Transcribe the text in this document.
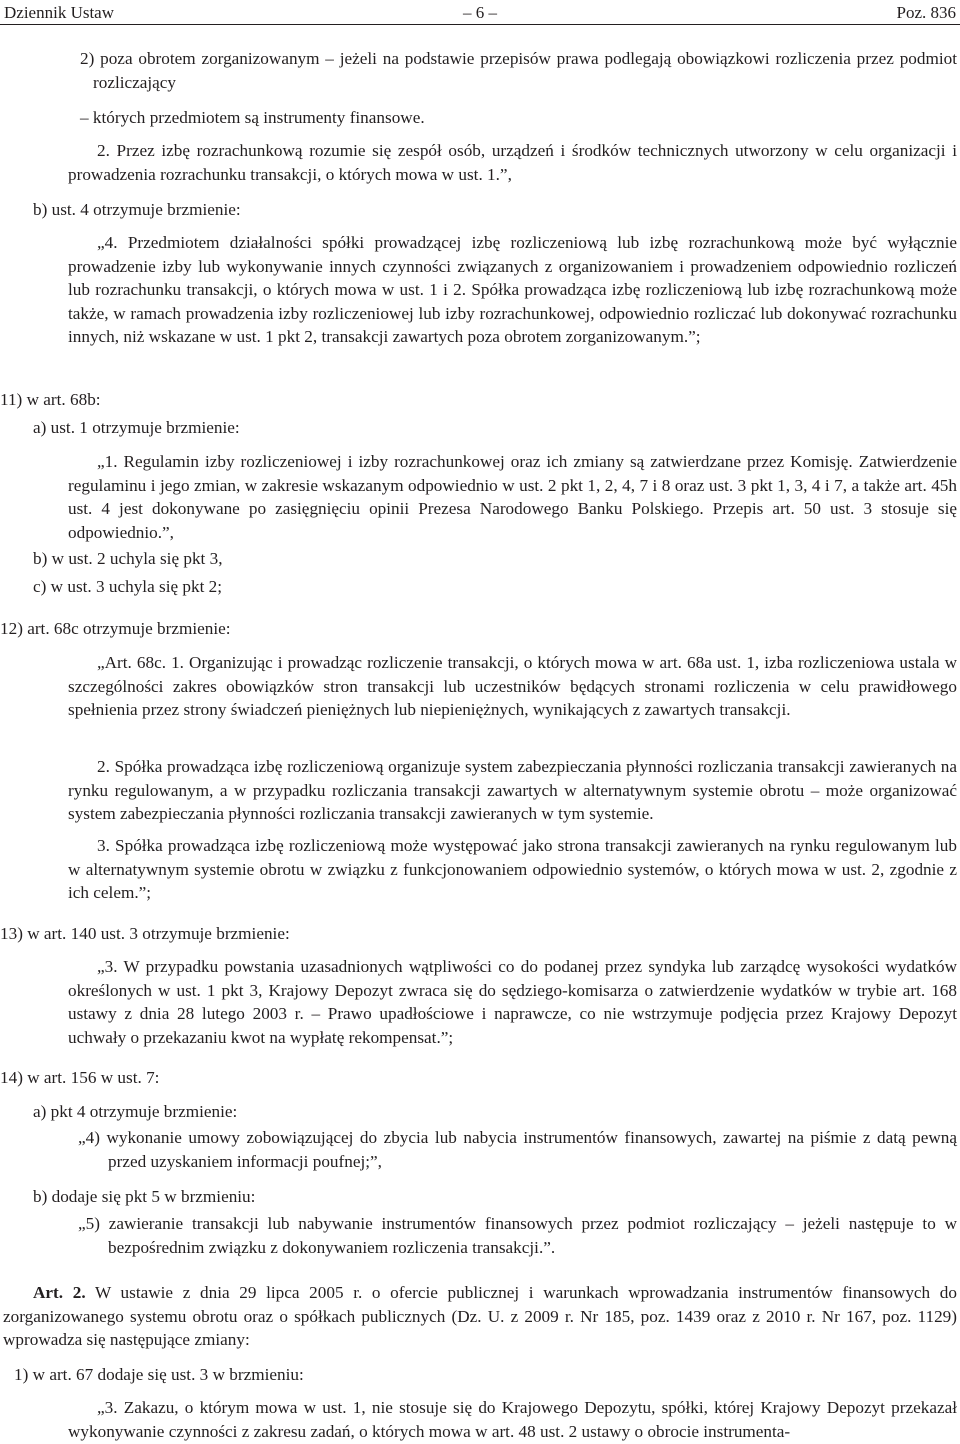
Dziennik Ustaw	– 6 –	Poz. 836

2) poza obrotem zorganizowanym – jeżeli na podstawie przepisów prawa podlegają obowiązkowi rozliczenia przez podmiot rozliczający

– których przedmiotem są instrumenty finansowe.

2. Przez izbę rozrachunkową rozumie się zespół osób, urządzeń i środków technicznych utworzony w celu organizacji i prowadzenia rozrachunku transakcji, o których mowa w ust. 1.”,

b) ust. 4 otrzymuje brzmienie:

„4. Przedmiotem działalności spółki prowadzącej izbę rozliczeniową lub izbę rozrachunkową może być wyłącznie prowadzenie izby lub wykonywanie innych czynności związanych z organizowaniem i prowadzeniem odpowiednio rozliczeń lub rozrachunku transakcji, o których mowa w ust. 1 i 2. Spółka prowadząca izbę rozliczeniową lub izbę rozrachunkową może także, w ramach prowadzenia izby rozliczeniowej lub izby rozrachunkowej, odpowiednio rozliczać lub dokonywać rozrachunku innych, niż wskazane w ust. 1 pkt 2, transakcji zawartych poza obrotem zorganizowanym.”;

11) w art. 68b:

a) ust. 1 otrzymuje brzmienie:

„1. Regulamin izby rozliczeniowej i izby rozrachunkowej oraz ich zmiany są zatwierdzane przez Komisję. Zatwierdzenie regulaminu i jego zmian, w zakresie wskazanym odpowiednio w ust. 2 pkt 1, 2, 4, 7 i 8 oraz ust. 3 pkt 1, 3, 4 i 7, a także art. 45h ust. 4 jest dokonywane po zasięgnięciu opinii Prezesa Narodowego Banku Polskiego. Przepis art. 50 ust. 3 stosuje się odpowiednio.”,

b) w ust. 2 uchyla się pkt 3,

c) w ust. 3 uchyla się pkt 2;

12) art. 68c otrzymuje brzmienie:

„Art. 68c. 1. Organizując i prowadząc rozliczenie transakcji, o których mowa w art. 68a ust. 1, izba rozliczeniowa ustala w szczególności zakres obowiązków stron transakcji lub uczestników będących stronami rozliczenia w celu prawidłowego spełnienia przez strony świadczeń pieniężnych lub niepieniężnych, wynikających z zawartych transakcji.

2. Spółka prowadząca izbę rozliczeniową organizuje system zabezpieczania płynności rozliczania transakcji zawieranych na rynku regulowanym, a w przypadku rozliczania transakcji zawartych w alternatywnym systemie obrotu – może organizować system zabezpieczania płynności rozliczania transakcji zawieranych w tym systemie.

3. Spółka prowadząca izbę rozliczeniową może występować jako strona transakcji zawieranych na rynku regulowanym lub w alternatywnym systemie obrotu w związku z funkcjonowaniem odpowiednio systemów, o których mowa w ust. 2, zgodnie z ich celem.”;

13) w art. 140 ust. 3 otrzymuje brzmienie:

„3. W przypadku powstania uzasadnionych wątpliwości co do podanej przez syndyka lub zarządcę wysokości wydatków określonych w ust. 1 pkt 3, Krajowy Depozyt zwraca się do sędziego-komisarza o zatwierdzenie wydatków w trybie art. 168 ustawy z dnia 28 lutego 2003 r. – Prawo upadłościowe i naprawcze, co nie wstrzymuje podjęcia przez Krajowy Depozyt uchwały o przekazaniu kwot na wypłatę rekompensat.”;

14) w art. 156 w ust. 7:

a) pkt 4 otrzymuje brzmienie:

„4) wykonanie umowy zobowiązującej do zbycia lub nabycia instrumentów finansowych, zawartej na piśmie z datą pewną przed uzyskaniem informacji poufnej;”,

b) dodaje się pkt 5 w brzmieniu:

„5) zawieranie transakcji lub nabywanie instrumentów finansowych przez podmiot rozliczający – jeżeli następuje to w bezpośrednim związku z dokonywaniem rozliczenia transakcji.”.

Art. 2. W ustawie z dnia 29 lipca 2005 r. o ofercie publicznej i warunkach wprowadzania instrumentów finansowych do zorganizowanego systemu obrotu oraz o spółkach publicznych (Dz. U. z 2009 r. Nr 185, poz. 1439 oraz z 2010 r. Nr 167, poz. 1129) wprowadza się następujące zmiany:

1) w art. 67 dodaje się ust. 3 w brzmieniu:

„3. Zakazu, o którym mowa w ust. 1, nie stosuje się do Krajowego Depozytu, spółki, której Krajowy Depozyt przekazał wykonywanie czynności z zakresu zadań, o których mowa w art. 48 ust. 2 ustawy o obrocie instrumenta-
